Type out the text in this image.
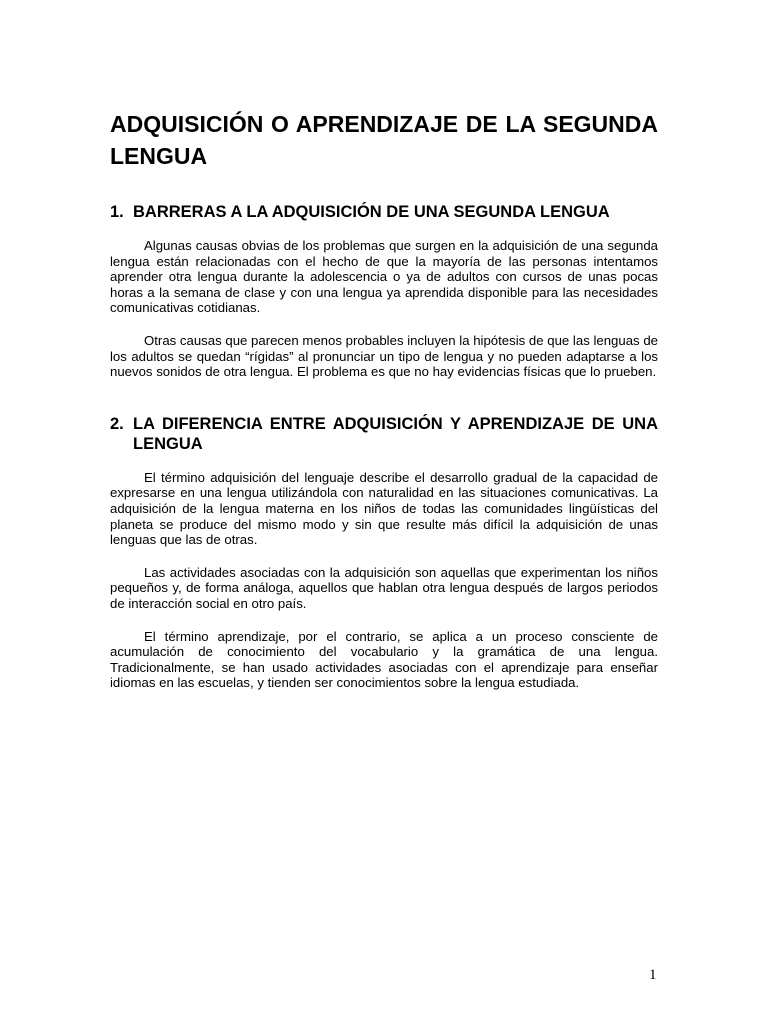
ADQUISICIÓN O APRENDIZAJE DE LA SEGUNDA LENGUA
1. BARRERAS A LA ADQUISICIÓN DE UNA SEGUNDA LENGUA

Algunas causas obvias de los problemas que surgen en la adquisición de una segunda lengua están relacionadas con el hecho de que la mayoría de las personas intentamos aprender otra lengua durante la adolescencia o ya de adultos con cursos de unas pocas horas a la semana de clase y con una lengua ya aprendida disponible para las necesidades comunicativas cotidianas.

Otras causas que parecen menos probables incluyen la hipótesis de que las lenguas de los adultos se quedan “rígidas” al pronunciar un tipo de lengua y no pueden adaptarse a los nuevos sonidos de otra lengua. El problema es que no hay evidencias físicas que lo prueben.

2. LA DIFERENCIA ENTRE ADQUISICIÓN Y APRENDIZAJE DE UNA LENGUA

El término adquisición del lenguaje describe el desarrollo gradual de la capacidad de expresarse en una lengua utilizándola con naturalidad en las situaciones comunicativas. La adquisición de la lengua materna en los niños de todas las comunidades lingüísticas del planeta se produce del mismo modo y sin que resulte más difícil la adquisición de unas lenguas que las de otras.

Las actividades asociadas con la adquisición son aquellas que experimentan los niños pequeños y, de forma análoga, aquellos que hablan otra lengua después de largos periodos de interacción social en otro país.

El término aprendizaje, por el contrario, se aplica a un proceso consciente de acumulación de conocimiento del vocabulario y la gramática de una lengua. Tradicionalmente, se han usado actividades asociadas con el aprendizaje para enseñar idiomas en las escuelas, y tienden ser conocimientos sobre la lengua estudiada.

1
